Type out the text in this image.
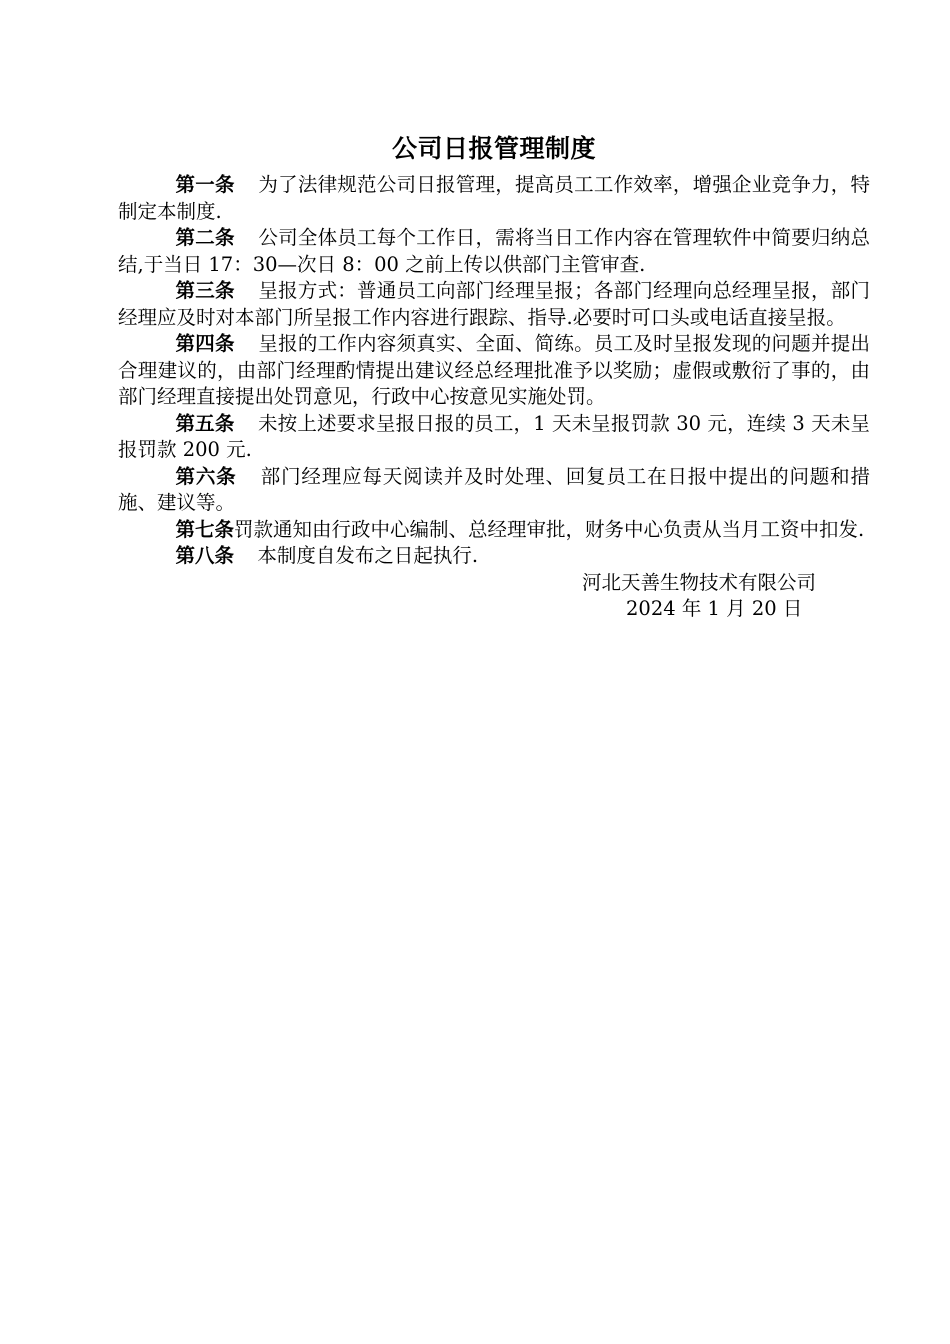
公司日报管理制度

第一条 为了法律规范公司日报管理，提高员工工作效率，增强企业竞争力，特制定本制度.

第二条 公司全体员工每个工作日，需将当日工作内容在管理软件中简要归纳总结,于当日 17：30—次日 8：00 之前上传以供部门主管审查.

第三条 呈报方式：普通员工向部门经理呈报；各部门经理向总经理呈报，部门经理应及时对本部门所呈报工作内容进行跟踪、指导.必要时可口头或电话直接呈报。

第四条 呈报的工作内容须真实、全面、简练。员工及时呈报发现的问题并提出合理建议的，由部门经理酌情提出建议经总经理批准予以奖励；虚假或敷衍了事的，由部门经理直接提出处罚意见，行政中心按意见实施处罚。

第五条 未按上述要求呈报日报的员工，1 天未呈报罚款 30 元，连续 3 天未呈报罚款 200 元.

第六条 部门经理应每天阅读并及时处理、回复员工在日报中提出的问题和措施、建议等。

第七条罚款通知由行政中心编制、总经理审批，财务中心负责从当月工资中扣发.

第八条 本制度自发布之日起执行.

河北天善生物技术有限公司
2024 年 1 月 20 日
